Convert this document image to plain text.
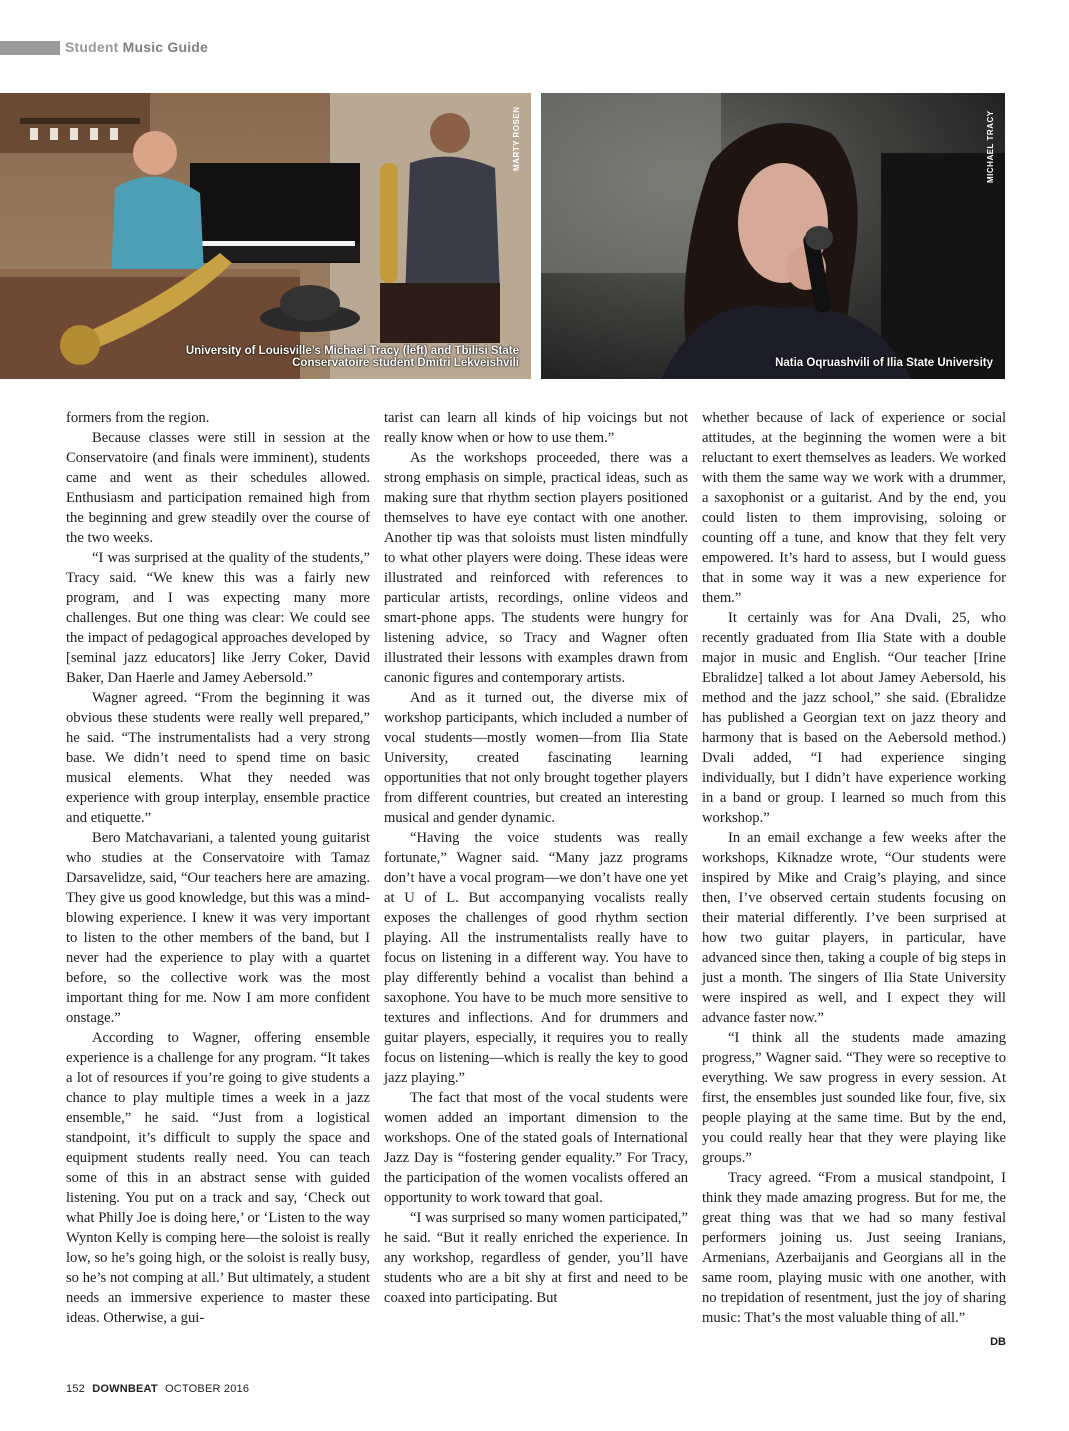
Student Music Guide
MARTY ROSEN
University of Louisville’s Michael Tracy (left) and Tbilisi State
Conservatoire student Dmitri Lekveishvili
MICHAEL TRACY
Natia Oqruashvili of Ilia State University

formers from the region.

Because classes were still in session at the Conservatoire (and finals were imminent), students came and went as their schedules allowed. Enthusiasm and participation remained high from the beginning and grew steadily over the course of the two weeks.

“I was surprised at the quality of the students,” Tracy said. “We knew this was a fairly new program, and I was expecting many more challenges. But one thing was clear: We could see the impact of pedagogical approaches developed by [seminal jazz educators] like Jerry Coker, David Baker, Dan Haerle and Jamey Aebersold.”

Wagner agreed. “From the beginning it was obvious these students were really well prepared,” he said. “The instrumentalists had a very strong base. We didn’t need to spend time on basic musical elements. What they needed was experience with group interplay, ensemble practice and etiquette.”

Bero Matchavariani, a talented young guitarist who studies at the Conservatoire with Tamaz Darsavelidze, said, “Our teachers here are amazing. They give us good knowledge, but this was a mind-blowing experience. I knew it was very important to listen to the other members of the band, but I never had the experience to play with a quartet before, so the collective work was the most important thing for me. Now I am more confident onstage.”

According to Wagner, offering ensemble experience is a challenge for any program. “It takes a lot of resources if you’re going to give students a chance to play multiple times a week in a jazz ensemble,” he said. “Just from a logistical standpoint, it’s difficult to supply the space and equipment students really need. You can teach some of this in an abstract sense with guided listening. You put on a track and say, ‘Check out what Philly Joe is doing here,’ or ‘Listen to the way Wynton Kelly is comping here—the soloist is really low, so he’s going high, or the soloist is really busy, so he’s not comping at all.’ But ultimately, a student needs an immersive experience to master these ideas. Otherwise, a gui-

tarist can learn all kinds of hip voicings but not really know when or how to use them.”

As the workshops proceeded, there was a strong emphasis on simple, practical ideas, such as making sure that rhythm section players positioned themselves to have eye contact with one another. Another tip was that soloists must listen mindfully to what other players were doing. These ideas were illustrated and reinforced with references to particular artists, recordings, online videos and smart-phone apps. The students were hungry for listening advice, so Tracy and Wagner often illustrated their lessons with examples drawn from canonic figures and contemporary artists.

And as it turned out, the diverse mix of workshop participants, which included a number of vocal students—mostly women—from Ilia State University, created fascinating learning opportunities that not only brought together players from different countries, but created an interesting musical and gender dynamic.

“Having the voice students was really fortunate,” Wagner said. “Many jazz programs don’t have a vocal program—we don’t have one yet at U of L. But accompanying vocalists really exposes the challenges of good rhythm section playing. All the instrumentalists really have to focus on listening in a different way. You have to play differently behind a vocalist than behind a saxophone. You have to be much more sensitive to textures and inflections. And for drummers and guitar players, especially, it requires you to really focus on listening—which is really the key to good jazz playing.”

The fact that most of the vocal students were women added an important dimension to the workshops. One of the stated goals of International Jazz Day is “fostering gender equality.” For Tracy, the participation of the women vocalists offered an opportunity to work toward that goal.

“I was surprised so many women participated,” he said. “But it really enriched the experience. In any workshop, regardless of gender, you’ll have students who are a bit shy at first and need to be coaxed into participating. But

whether because of lack of experience or social attitudes, at the beginning the women were a bit reluctant to exert themselves as leaders. We worked with them the same way we work with a drummer, a saxophonist or a guitarist. And by the end, you could listen to them improvising, soloing or counting off a tune, and know that they felt very empowered. It’s hard to assess, but I would guess that in some way it was a new experience for them.”

It certainly was for Ana Dvali, 25, who recently graduated from Ilia State with a double major in music and English. “Our teacher [Irine Ebralidze] talked a lot about Jamey Aebersold, his method and the jazz school,” she said. (Ebralidze has published a Georgian text on jazz theory and harmony that is based on the Aebersold method.) Dvali added, “I had experience singing individually, but I didn’t have experience working in a band or group. I learned so much from this workshop.”

In an email exchange a few weeks after the workshops, Kiknadze wrote, “Our students were inspired by Mike and Craig’s playing, and since then, I’ve observed certain students focusing on their material differently. I’ve been surprised at how two guitar players, in particular, have advanced since then, taking a couple of big steps in just a month. The singers of Ilia State University were inspired as well, and I expect they will advance faster now.”

“I think all the students made amazing progress,” Wagner said. “They were so receptive to everything. We saw progress in every session. At first, the ensembles just sounded like four, five, six people playing at the same time. But by the end, you could really hear that they were playing like groups.”

Tracy agreed. “From a musical standpoint, I think they made amazing progress. But for me, the great thing was that we had so many festival performers joining us. Just seeing Iranians, Armenians, Azerbaijanis and Georgians all in the same room, playing music with one another, with no trepidation of resentment, just the joy of sharing music: That’s the most valuable thing of all.”

DB
152 DOWNBEAT OCTOBER 2016
